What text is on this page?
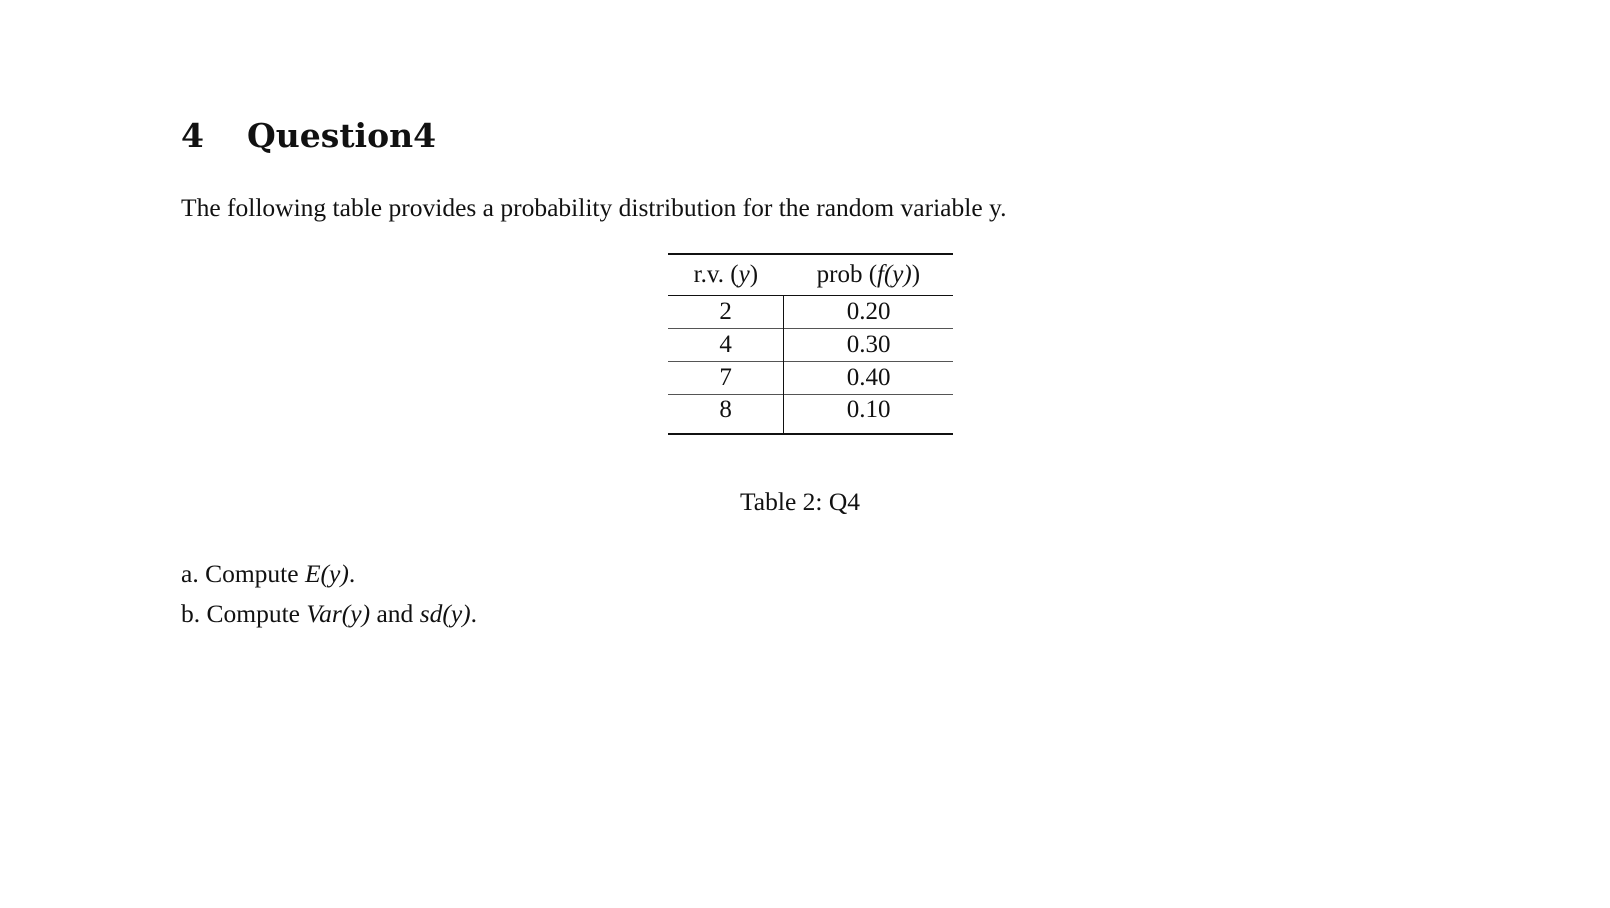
4 Question4

The following table provides a probability distribution for the random variable y.

r.v. (y)	prob (f(y))
2	0.20
4	0.30
7	0.40
8	0.10

Table 2: Q4

a. Compute E(y).
b. Compute Var(y) and sd(y).
